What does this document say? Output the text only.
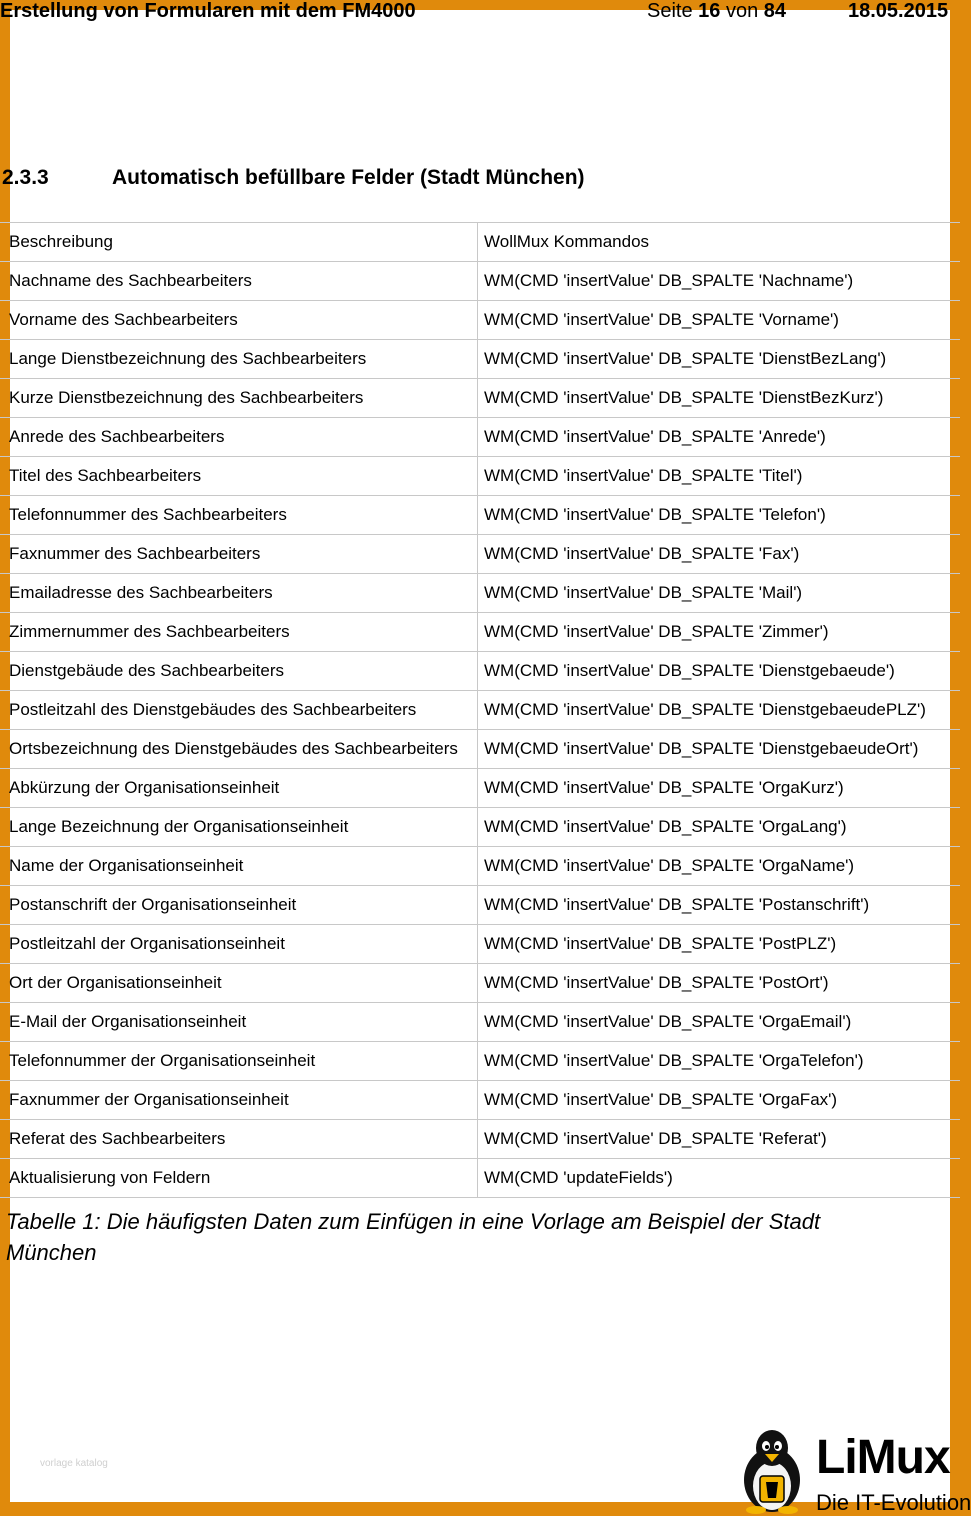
Erstellung von Formularen mit dem FM4000	Seite 16 von 84	18.05.2015
2.3.3	Automatisch befüllbare Felder (Stadt München)
Beschreibung	WollMux Kommandos
Nachname des Sachbearbeiters	WM(CMD 'insertValue' DB_SPALTE 'Nachname')
Vorname des Sachbearbeiters	WM(CMD 'insertValue' DB_SPALTE 'Vorname')
Lange Dienstbezeichnung des Sachbearbeiters	WM(CMD 'insertValue' DB_SPALTE 'DienstBezLang')
Kurze Dienstbezeichnung des Sachbearbeiters	WM(CMD 'insertValue' DB_SPALTE 'DienstBezKurz')
Anrede des Sachbearbeiters	WM(CMD 'insertValue' DB_SPALTE 'Anrede')
Titel des Sachbearbeiters	WM(CMD 'insertValue' DB_SPALTE 'Titel')
Telefonnummer des Sachbearbeiters	WM(CMD 'insertValue' DB_SPALTE 'Telefon')
Faxnummer des Sachbearbeiters	WM(CMD 'insertValue' DB_SPALTE 'Fax')
Emailadresse des Sachbearbeiters	WM(CMD 'insertValue' DB_SPALTE 'Mail')
Zimmernummer des Sachbearbeiters	WM(CMD 'insertValue' DB_SPALTE 'Zimmer')
Dienstgebäude des Sachbearbeiters	WM(CMD 'insertValue' DB_SPALTE 'Dienstgebaeude')
Postleitzahl des Dienstgebäudes des Sachbearbeiters	WM(CMD 'insertValue' DB_SPALTE 'DienstgebaeudePLZ')
Ortsbezeichnung des Dienstgebäudes des Sachbearbeiters	WM(CMD 'insertValue' DB_SPALTE 'DienstgebaeudeOrt')
Abkürzung der Organisationseinheit	WM(CMD 'insertValue' DB_SPALTE 'OrgaKurz')
Lange Bezeichnung der Organisationseinheit	WM(CMD 'insertValue' DB_SPALTE 'OrgaLang')
Name der Organisationseinheit	WM(CMD 'insertValue' DB_SPALTE 'OrgaName')
Postanschrift der Organisationseinheit	WM(CMD 'insertValue' DB_SPALTE 'Postanschrift')
Postleitzahl der Organisationseinheit	WM(CMD 'insertValue' DB_SPALTE 'PostPLZ')
Ort der Organisationseinheit	WM(CMD 'insertValue' DB_SPALTE 'PostOrt')
E-Mail der Organisationseinheit	WM(CMD 'insertValue' DB_SPALTE 'OrgaEmail')
Telefonnummer der Organisationseinheit	WM(CMD 'insertValue' DB_SPALTE 'OrgaTelefon')
Faxnummer der Organisationseinheit	WM(CMD 'insertValue' DB_SPALTE 'OrgaFax')
Referat des Sachbearbeiters	WM(CMD 'insertValue' DB_SPALTE 'Referat')
Aktualisierung von Feldern	WM(CMD 'updateFields')
Tabelle 1: Die häufigsten Daten zum Einfügen in eine Vorlage am Beispiel der Stadt München
vorlage katalog	LiMux
Die IT-Evolution
